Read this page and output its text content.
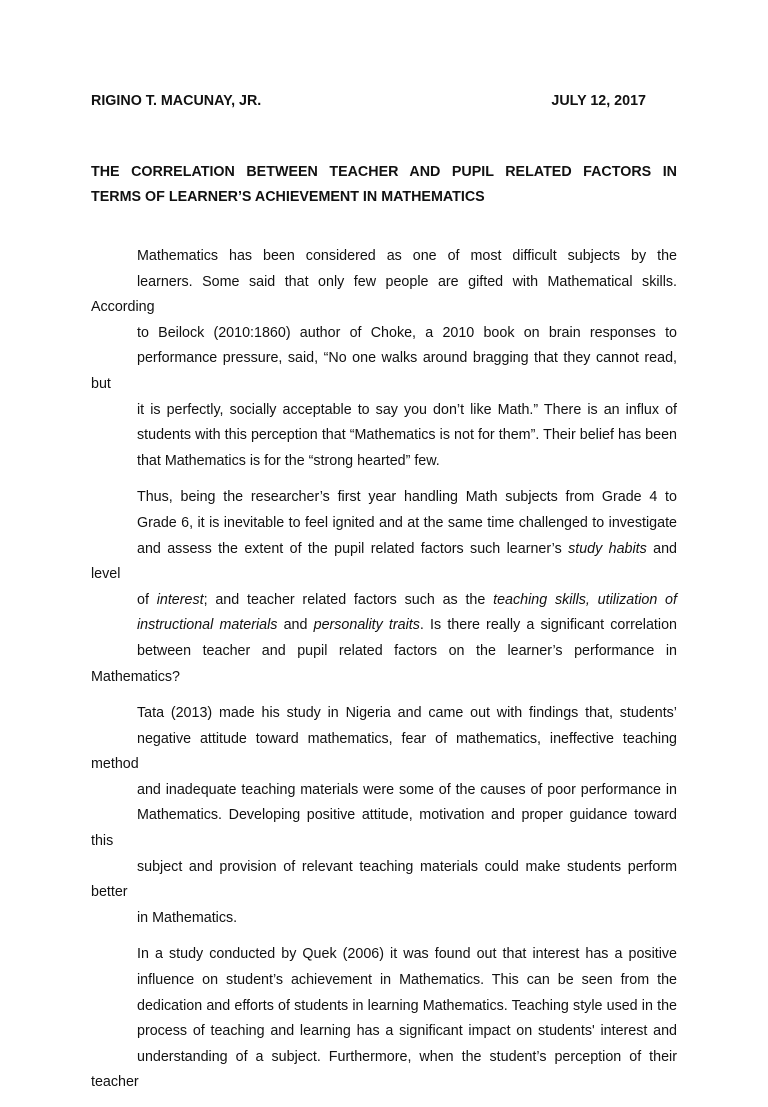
RIGINO T. MACUNAY, JR.	JULY 12, 2017
THE CORRELATION BETWEEN TEACHER AND PUPIL RELATED FACTORS IN
TERMS OF LEARNER’S ACHIEVEMENT IN MATHEMATICS

Mathematics has been considered as one of most difficult subjects by the
learners. Some said that only few people are gifted with Mathematical skills. According
to Beilock (2010:1860) author of Choke, a 2010 book on brain responses to
performance pressure, said, “No one walks around bragging that they cannot read, but
it is perfectly, socially acceptable to say you don’t like Math.” There is an influx of
students with this perception that “Mathematics is not for them”. Their belief has been
that Mathematics is for the “strong hearted” few.

Thus, being the researcher’s first year handling Math subjects from Grade 4 to
Grade 6, it is inevitable to feel ignited and at the same time challenged to investigate
and assess the extent of the pupil related factors such learner’s study habits and level
of interest; and teacher related factors such as the teaching skills, utilization of
instructional materials and personality traits. Is there really a significant correlation
between teacher and pupil related factors on the learner’s performance in Mathematics?

Tata (2013) made his study in Nigeria and came out with findings that, students’
negative attitude toward mathematics, fear of mathematics, ineffective teaching method
and inadequate teaching materials were some of the causes of poor performance in
Mathematics. Developing positive attitude, motivation and proper guidance toward this
subject and provision of relevant teaching materials could make students perform better
in Mathematics.

In a study conducted by Quek (2006) it was found out that interest has a positive
influence on student’s achievement in Mathematics. This can be seen from the
dedication and efforts of students in learning Mathematics. Teaching style used in the
process of teaching and learning has a significant impact on students' interest and
understanding of a subject. Furthermore, when the student’s perception of their teacher
